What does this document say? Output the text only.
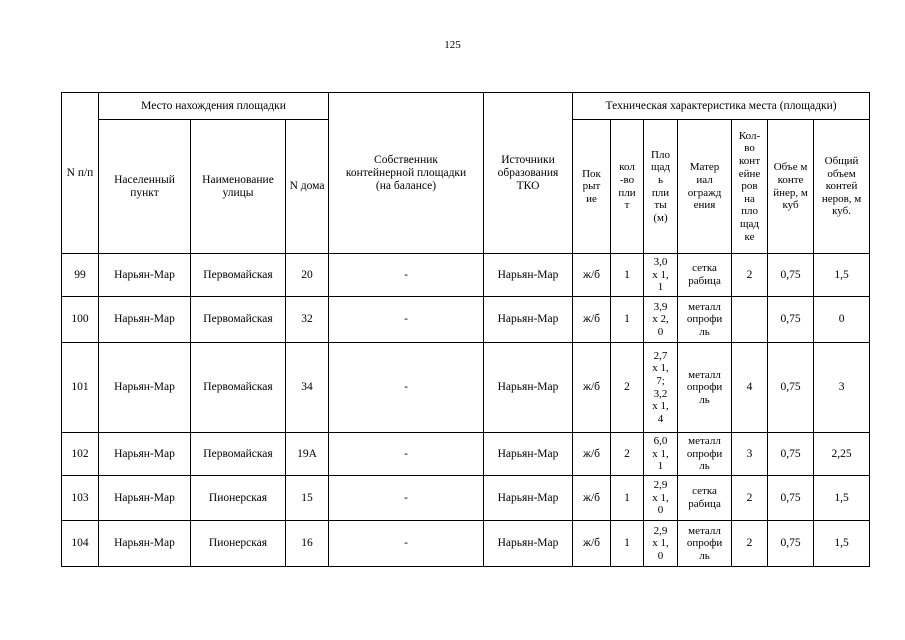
125
N п/п	Место нахождения площадки			Собственник контейнерной площадки (на балансе)	Источники образования ТКО	Техническая характеристика места (площадки)						
	Населенный пункт	Наименование улицы	N дома			Пок рыт ие	кол -во пли т	Пло щад ь пли ты (м)	Матер иал огражд ения	Кол-во конт ейне ров на пло щад ке	Объе м конте йнер, м куб	Общий объем контей неров, м куб.
99	Нарьян-Мар	Первомайская	20	-	Нарьян-Мар	ж/б	1	3,0 х 1,1	сетка рабица	2	0,75	1,5
100	Нарьян-Мар	Первомайская	32	-	Нарьян-Мар	ж/б	1	3,9 х 2,0	металл опрофи ль		0,75	0
101	Нарьян-Мар	Первомайская	34	-	Нарьян-Мар	ж/б	2	2,7 х 1,7; 3,2 х 1,4	металл опрофи ль	4	0,75	3
102	Нарьян-Мар	Первомайская	19А	-	Нарьян-Мар	ж/б	2	6,0 х 1,1	металл опрофи ль	3	0,75	2,25
103	Нарьян-Мар	Пионерская	15	-	Нарьян-Мар	ж/б	1	2,9 х 1,0	сетка рабица	2	0,75	1,5
104	Нарьян-Мар	Пионерская	16	-	Нарьян-Мар	ж/б	1	2,9 х 1,0	металл опрофи ль	2	0,75	1,5
